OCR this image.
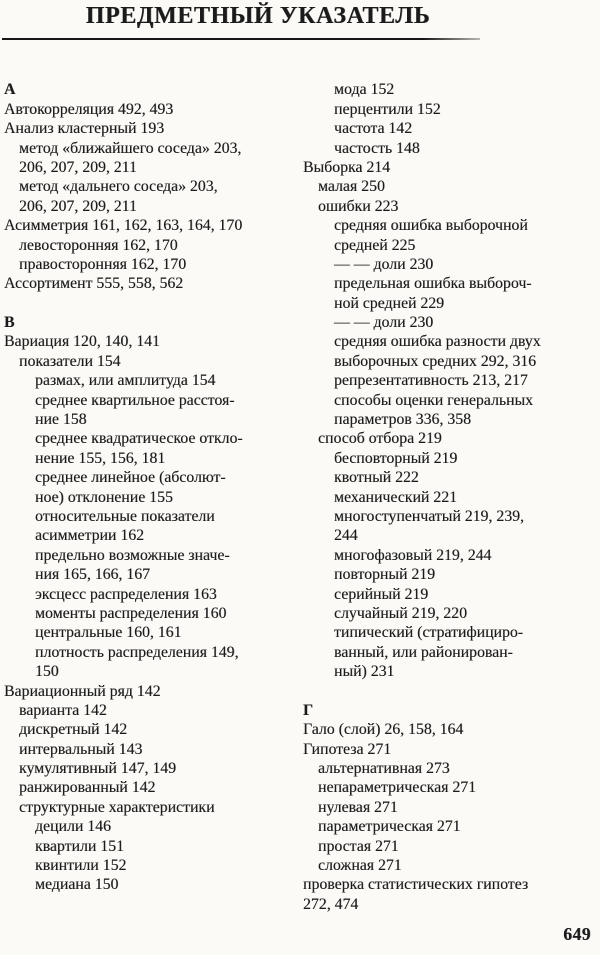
ПРЕДМЕТНЫЙ УКАЗАТЕЛЬ
А
Автокорреляция 492, 493
Анализ кластерный 193
метод «ближайшего соседа» 203,
206, 207, 209, 211
метод «дальнего соседа» 203,
206, 207, 209, 211
Асимметрия 161, 162, 163, 164, 170
левосторонняя 162, 170
правосторонняя 162, 170
Ассортимент 555, 558, 562
В
Вариация 120, 140, 141
показатели 154
размах, или амплитуда 154
среднее квартильное расстоя-
ние 158
среднее квадратическое откло-
нение 155, 156, 181
среднее линейное (абсолют-
ное) отклонение 155
относительные показатели
асимметрии 162
предельно возможные значе-
ния 165, 166, 167
эксцесс распределения 163
моменты распределения 160
центральные 160, 161
плотность распределения 149,
150
Вариационный ряд 142
варианта 142
дискретный 142
интервальный 143
кумулятивный 147, 149
ранжированный 142
структурные характеристики
децили 146
квартили 151
квинтили 152
медиана 150
мода 152
перцентили 152
частота 142
частость 148
Выборка 214
малая 250
ошибки 223
средняя ошибка выборочной
средней 225
— — доли 230
предельная ошибка выбороч-
ной средней 229
— — доли 230
средняя ошибка разности двух
выборочных средних 292, 316
репрезентативность 213, 217
способы оценки генеральных
параметров 336, 358
способ отбора 219
бесповторный 219
квотный 222
механический 221
многоступенчатый 219, 239,
244
многофазовый 219, 244
повторный 219
серийный 219
случайный 219, 220
типический (стратифициро-
ванный, или районирован-
ный) 231
Г
Гало (слой) 26, 158, 164
Гипотеза 271
альтернативная 273
непараметрическая 271
нулевая 271
параметрическая 271
простая 271
сложная 271
проверка статистических гипотез
272, 474
649
